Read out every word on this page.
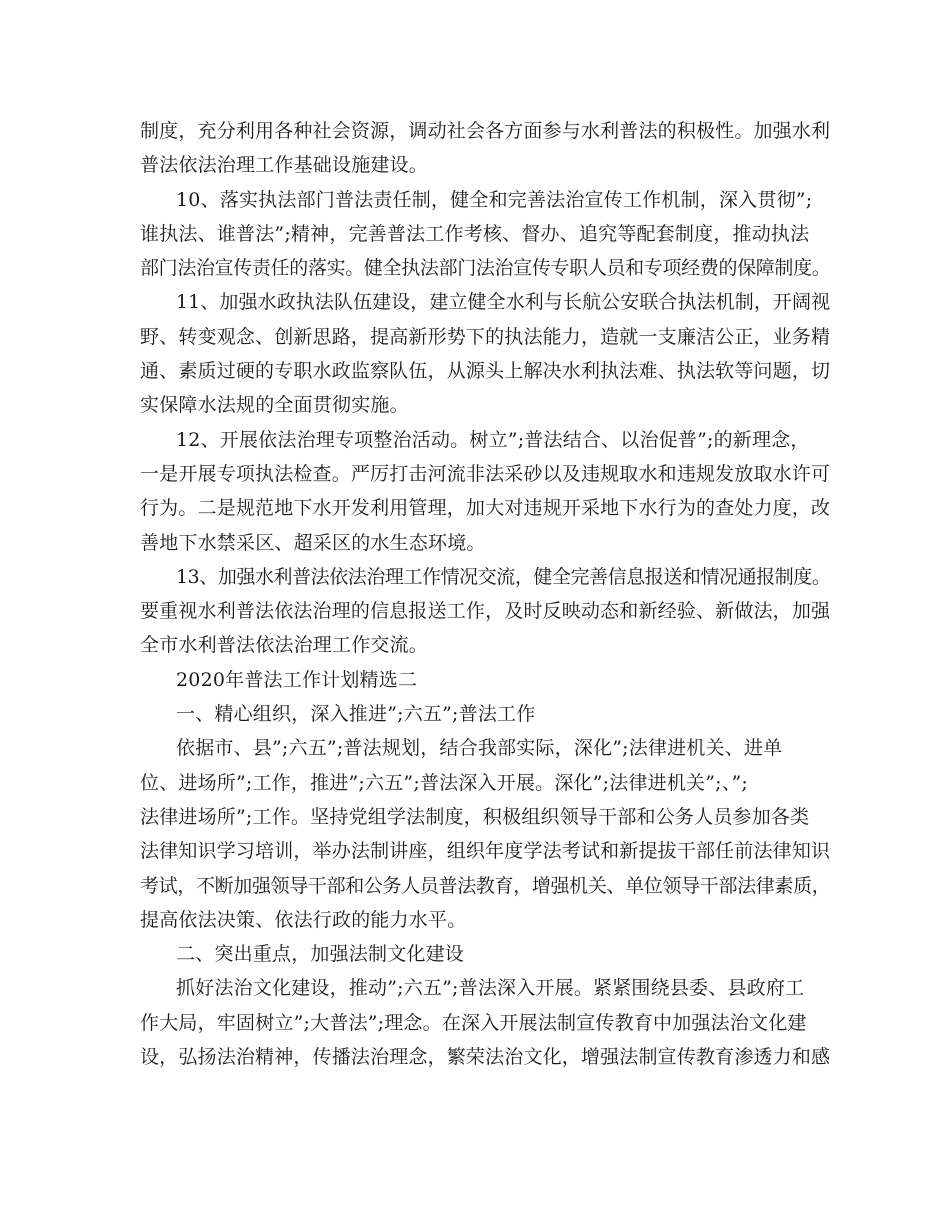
制度，充分利用各种社会资源，调动社会各方面参与水利普法的积极性。加强水利
普法依法治理工作基础设施建设。
10、落实执法部门普法责任制，健全和完善法治宣传工作机制，深入贯彻”;
谁执法、谁普法”;精神，完善普法工作考核、督办、追究等配套制度，推动执法
部门法治宣传责任的落实。健全执法部门法治宣传专职人员和专项经费的保障制度。
11、加强水政执法队伍建设，建立健全水利与长航公安联合执法机制，开阔视
野、转变观念、创新思路，提高新形势下的执法能力，造就一支廉洁公正，业务精
通、素质过硬的专职水政监察队伍，从源头上解决水利执法难、执法软等问题，切
实保障水法规的全面贯彻实施。
12、开展依法治理专项整治活动。树立”;普法结合、以治促普”;的新理念，
一是开展专项执法检查。严厉打击河流非法采砂以及违规取水和违规发放取水许可
行为。二是规范地下水开发利用管理，加大对违规开采地下水行为的查处力度，改
善地下水禁采区、超采区的水生态环境。
13、加强水利普法依法治理工作情况交流，健全完善信息报送和情况通报制度。
要重视水利普法依法治理的信息报送工作，及时反映动态和新经验、新做法，加强
全市水利普法依法治理工作交流。
2020年普法工作计划精选二
一、精心组织，深入推进”;六五”;普法工作
依据市、县”;六五”;普法规划，结合我部实际，深化”;法律进机关、进单
位、进场所”;工作，推进”;六五”;普法深入开展。深化”;法律进机关”;、”;
法律进场所”;工作。坚持党组学法制度，积极组织领导干部和公务人员参加各类
法律知识学习培训，举办法制讲座，组织年度学法考试和新提拔干部任前法律知识
考试，不断加强领导干部和公务人员普法教育，增强机关、单位领导干部法律素质，
提高依法决策、依法行政的能力水平。
二、突出重点，加强法制文化建设
抓好法治文化建设，推动”;六五”;普法深入开展。紧紧围绕县委、县政府工
作大局，牢固树立”;大普法”;理念。在深入开展法制宣传教育中加强法治文化建
设，弘扬法治精神，传播法治理念，繁荣法治文化，增强法制宣传教育渗透力和感
